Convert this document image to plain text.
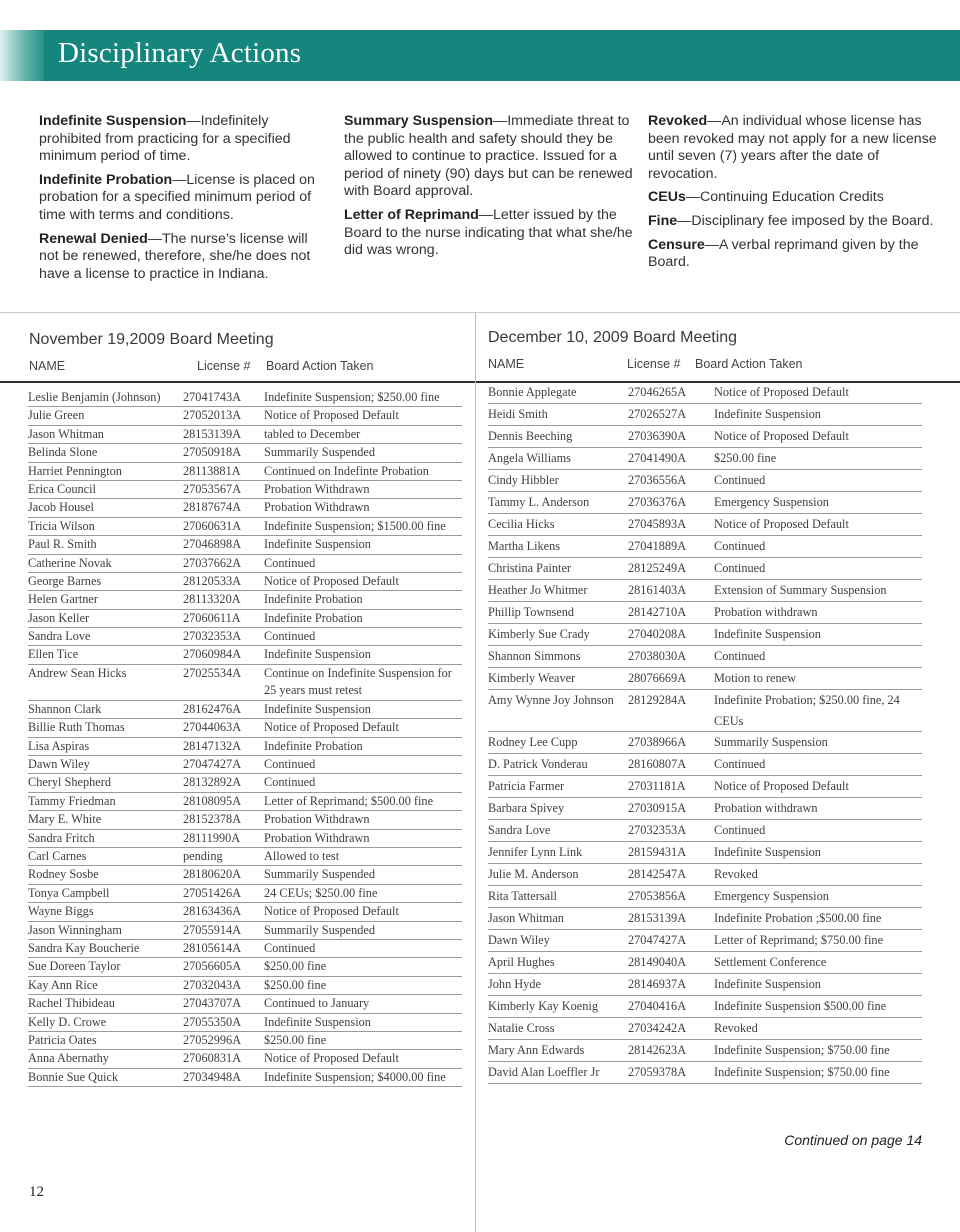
Disciplinary Actions

Indefinite Suspension—Indefinitely prohibited from practicing for a specified minimum period of time.

Indefinite Probation—License is placed on probation for a specified minimum period of time with terms and conditions.

Renewal Denied—The nurse’s license will not be renewed, therefore, she/he does not have a license to practice in Indiana.

Summary Suspension—Immediate threat to the public health and safety should they be allowed to continue to practice. Issued for a period of ninety (90) days but can be renewed with Board approval.

Letter of Reprimand—Letter issued by the Board to the nurse indicating that what she/he did was wrong.

Revoked—An individual whose license has been revoked may not apply for a new license until seven (7) years after the date of revocation.

CEUs—Continuing Education Credits

Fine—Disciplinary fee imposed by the Board.

Censure—A verbal reprimand given by the Board.

November 19,2009 Board Meeting
NAME	License # Board Action Taken
Leslie Benjamin (Johnson) 27041743A Indefinite Suspension; $250.00 fine
Julie Green	27052013A Notice of Proposed Default
Jason Whitman	28153139A tabled to December
Belinda Slone	27050918A Summarily Suspended
Harriet Pennington	28113881A Continued on Indefinte Probation
Erica Council	27053567A Probation Withdrawn
Jacob Housel	28187674A Probation Withdrawn
Tricia Wilson	27060631A Indefinite Suspension; $1500.00 fine
Paul R. Smith	27046898A Indefinite Suspension
Catherine Novak	27037662A Continued
George Barnes	28120533A Notice of Proposed Default
Helen Gartner	28113320A Indefinite Probation
Jason Keller	27060611A Indefinite Probation
Sandra Love	27032353A Continued
Ellen Tice	27060984A Indefinite Suspension
Andrew Sean Hicks	27025534A Continue on Indefinite Suspension for 25 years must retest
Shannon Clark	28162476A Indefinite Suspension
Billie Ruth Thomas	27044063A Notice of Proposed Default
Lisa Aspiras	28147132A Indefinite Probation
Dawn Wiley	27047427A Continued
Cheryl Shepherd	28132892A Continued
Tammy Friedman	28108095A Letter of Reprimand; $500.00 fine
Mary E. White	28152378A Probation Withdrawn
Sandra Fritch	28111990A Probation Withdrawn
Carl Carnes	pending	Allowed to test
Rodney Sosbe	28180620A Summarily Suspended
Tonya Campbell	27051426A 24 CEUs; $250.00 fine
Wayne Biggs	28163436A Notice of Proposed Default
Jason Winningham	27055914A Summarily Suspended
Sandra Kay Boucherie	28105614A Continued
Sue Doreen Taylor	27056605A $250.00 fine
Kay Ann Rice	27032043A $250.00 fine
Rachel Thibideau	27043707A Continued to January
Kelly D. Crowe	27055350A Indefinite Suspension
Patricia Oates	27052996A $250.00 fine
Anna Abernathy	27060831A Notice of Proposed Default
Bonnie Sue Quick	27034948A Indefinite Suspension; $4000.00 fine
December 10, 2009 Board Meeting
NAME	License # Board Action Taken
Bonnie Applegate	27046265A Notice of Proposed Default
Heidi Smith	27026527A Indefinite Suspension
Dennis Beeching	27036390A Notice of Proposed Default
Angela Williams	27041490A $250.00 fine
Cindy Hibbler	27036556A Continued
Tammy L. Anderson	27036376A Emergency Suspension
Cecilia Hicks	27045893A Notice of Proposed Default
Martha Likens	27041889A Continued
Christina Painter	28125249A Continued
Heather Jo Whitmer	28161403A Extension of Summary Suspension
Phillip Townsend	28142710A Probation withdrawn
Kimberly Sue Crady	27040208A Indefinite Suspension
Shannon Simmons	27038030A Continued
Kimberly Weaver	28076669A Motion to renew
Amy Wynne Joy Johnson 28129284A Indefinite Probation; $250.00 fine, 24 CEUs
Rodney Lee Cupp	27038966A Summarily Suspension
D. Patrick Vonderau	28160807A Continued
Patricia Farmer	27031181A Notice of Proposed Default
Barbara Spivey	27030915A Probation withdrawn
Sandra Love	27032353A Continued
Jennifer Lynn Link	28159431A Indefinite Suspension
Julie M. Anderson	28142547A Revoked
Rita Tattersall	27053856A Emergency Suspension
Jason Whitman	28153139A Indefinite Probation ;$500.00 fine
Dawn Wiley	27047427A Letter of Reprimand; $750.00 fine
April Hughes	28149040A Settlement Conference
John Hyde	28146937A Indefinite Suspension
Kimberly Kay Koenig 27040416A Indefinite Suspension $500.00 fine
Natalie Cross	27034242A Revoked
Mary Ann Edwards	28142623A Indefinite Suspension; $750.00 fine
David Alan Loeffler Jr 27059378A Indefinite Suspension; $750.00 fine
Continued on page 14
12
